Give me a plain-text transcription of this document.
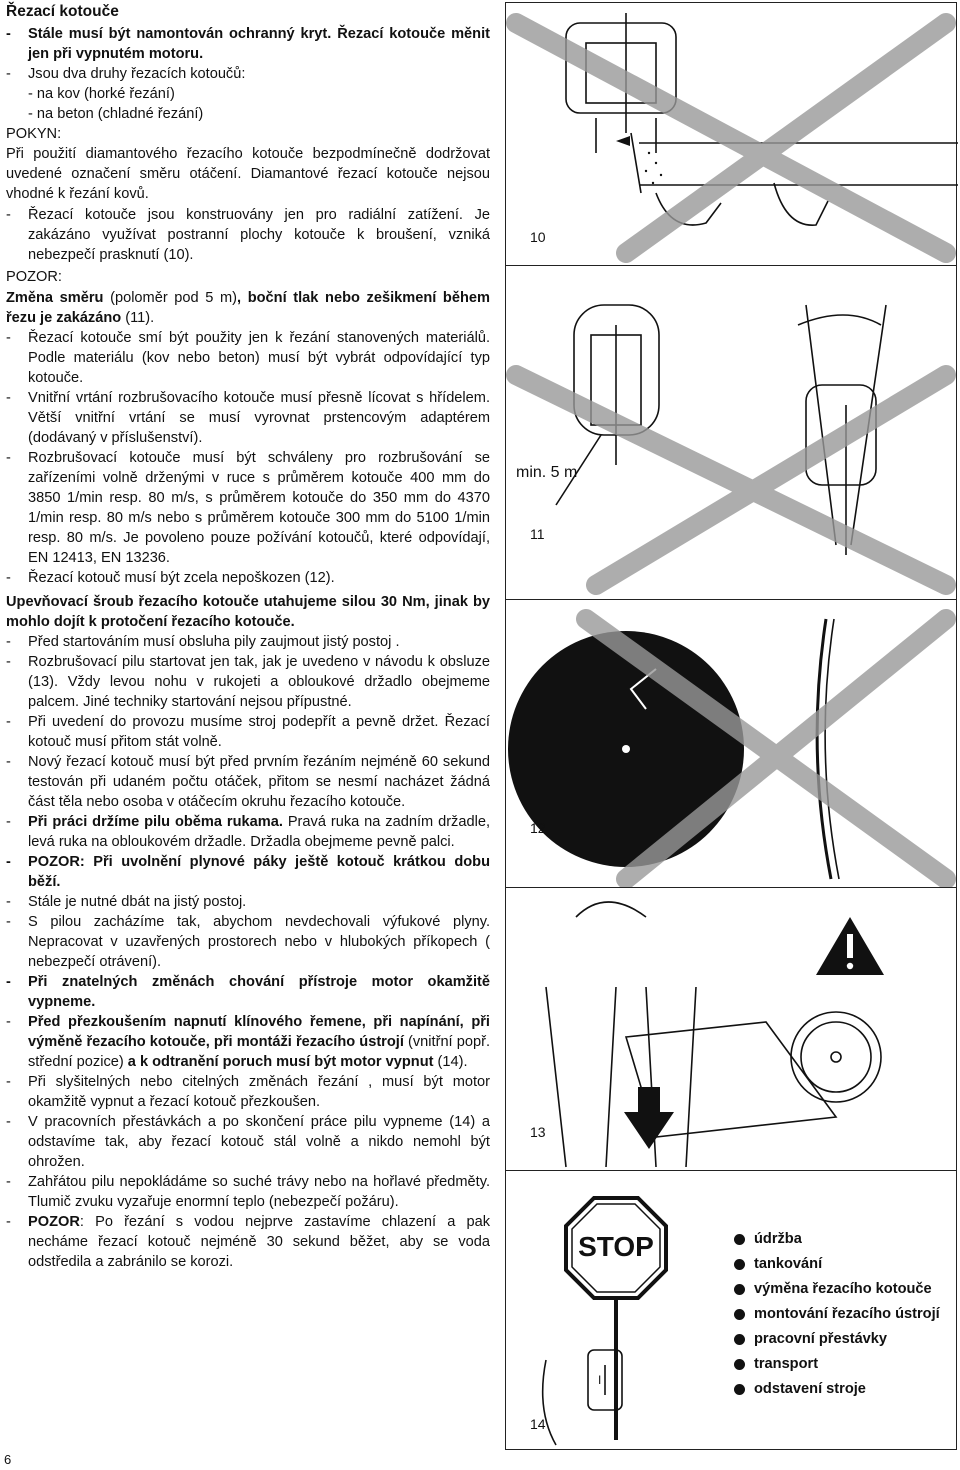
Řezací kotouče
- Stále musí být namontován ochranný kryt. Řezací kotouče měnit jen při vypnutém motoru.
- Jsou dva druhy řezacích kotoučů:
- na kov (horké řezání)
- na beton (chladné řezání)
POKYN:
Při použití diamantového řezacího kotouče bezpodmínečně dodržovat uvedené označení směru otáčení. Diamantové řezací kotouče nejsou vhodné k řezání kovů.
- Řezací kotouče jsou konstruovány jen pro radiální zatížení. Je zakázáno využívat postranní plochy kotouče k broušení, vzniká nebezpečí prasknutí (10).
POZOR:
Změna směru (poloměr pod 5 m), boční tlak nebo zešikmení během řezu je zakázáno (11).
- Řezací kotouče smí být použity jen k řezání stanovených materiálů. Podle materiálu (kov nebo beton) musí být vybrát odpovídající typ kotouče.
- Vnitřní vrtání rozbrušovacího kotouče musí přesně lícovat s hřídelem. Větší vnitřní vrtání se musí vyrovnat prstencovým adaptérem (dodávaný v příslušenství).
- Rozbrušovací kotouče musí být schváleny pro rozbrušování se zařízeními volně drženými v ruce s průměrem kotouče 400 mm do 3850 1/min resp. 80 m/s, s průměrem kotouče do 350 mm do 4370 1/min resp. 80 m/s nebo s průměrem kotouče 300 mm do 5100 1/min resp. 80 m/s. Je povoleno pouze požívání kotoučů, které odpovídají, EN 12413, EN 13236.
- Řezací kotouč musí být zcela nepoškozen (12).
Upevňovací šroub řezacího kotouče utahujeme silou 30 Nm, jinak by mohlo dojít k protočení řezacího kotouče.
- Před startováním musí obsluha pily zaujmout jistý postoj .
- Rozbrušovací pilu startovat jen tak, jak je uvedeno v návodu k obsluze (13). Vždy levou nohu v rukojeti a obloukové držadlo obejmeme palcem. Jiné techniky startování nejsou přípustné.
- Při uvedení do provozu musíme stroj podepřít a pevně držet. Řezací kotouč musí přitom stát volně.
- Nový řezací kotouč musí být před prvním řezáním nejméně 60 sekund testován při udaném počtu otáček, přitom se nesmí nacházet žádná část těla nebo osoba v otáčecím okruhu řezacího kotouče.
- Při práci držíme pilu oběma rukama. Pravá ruka na zadním držadle, levá ruka na obloukovém držadle. Držadla obejmeme pevně palci.
- POZOR: Při uvolnění plynové páky ještě kotouč krátkou dobu běží.
- Stále je nutné dbát na jistý postoj.
- S pilou zacházíme tak, abychom nevdechovali výfukové plyny. Nepracovat v uzavřených prostorech nebo v hlubokých příkopech ( nebezpečí otrávení).
- Při znatelných změnách chování přístroje motor okamžitě vypneme.
- Před přezkoušením napnutí klínového řemene, při napínání, při výměně řezacího kotouče, při montáži řezacího ústrojí (vnitřní popř. střední pozice) a k odtranění poruch musí být motor vypnut (14).
- Při slyšitelných nebo citelných změnách řezání , musí být motor okamžitě vypnut a řezací kotouč přezkoušen.
- V pracovních přestávkách a po skončení práce pilu vypneme (14) a odstavíme tak, aby řezací kotouč stál volně a nikdo nemohl být ohrožen.
- Zahřátou pilu nepokládáme so suché trávy nebo na hořlavé předměty. Tlumič zvuku vyzařuje enormní teplo (nebezpečí požáru).
- POZOR: Po řezání s vodou nejprve zastavíme chlazení a pak necháme řezací kotouč nejméně 30 sekund běžet, aby se voda odstředila a zabránilo se korozi.
6
10
min. 5 m
11
12
13
STOP
I
údržba
tankování
výměna řezacího kotouče
montování řezacího ústrojí
pracovní přestávky
transport
odstavení stroje
14
